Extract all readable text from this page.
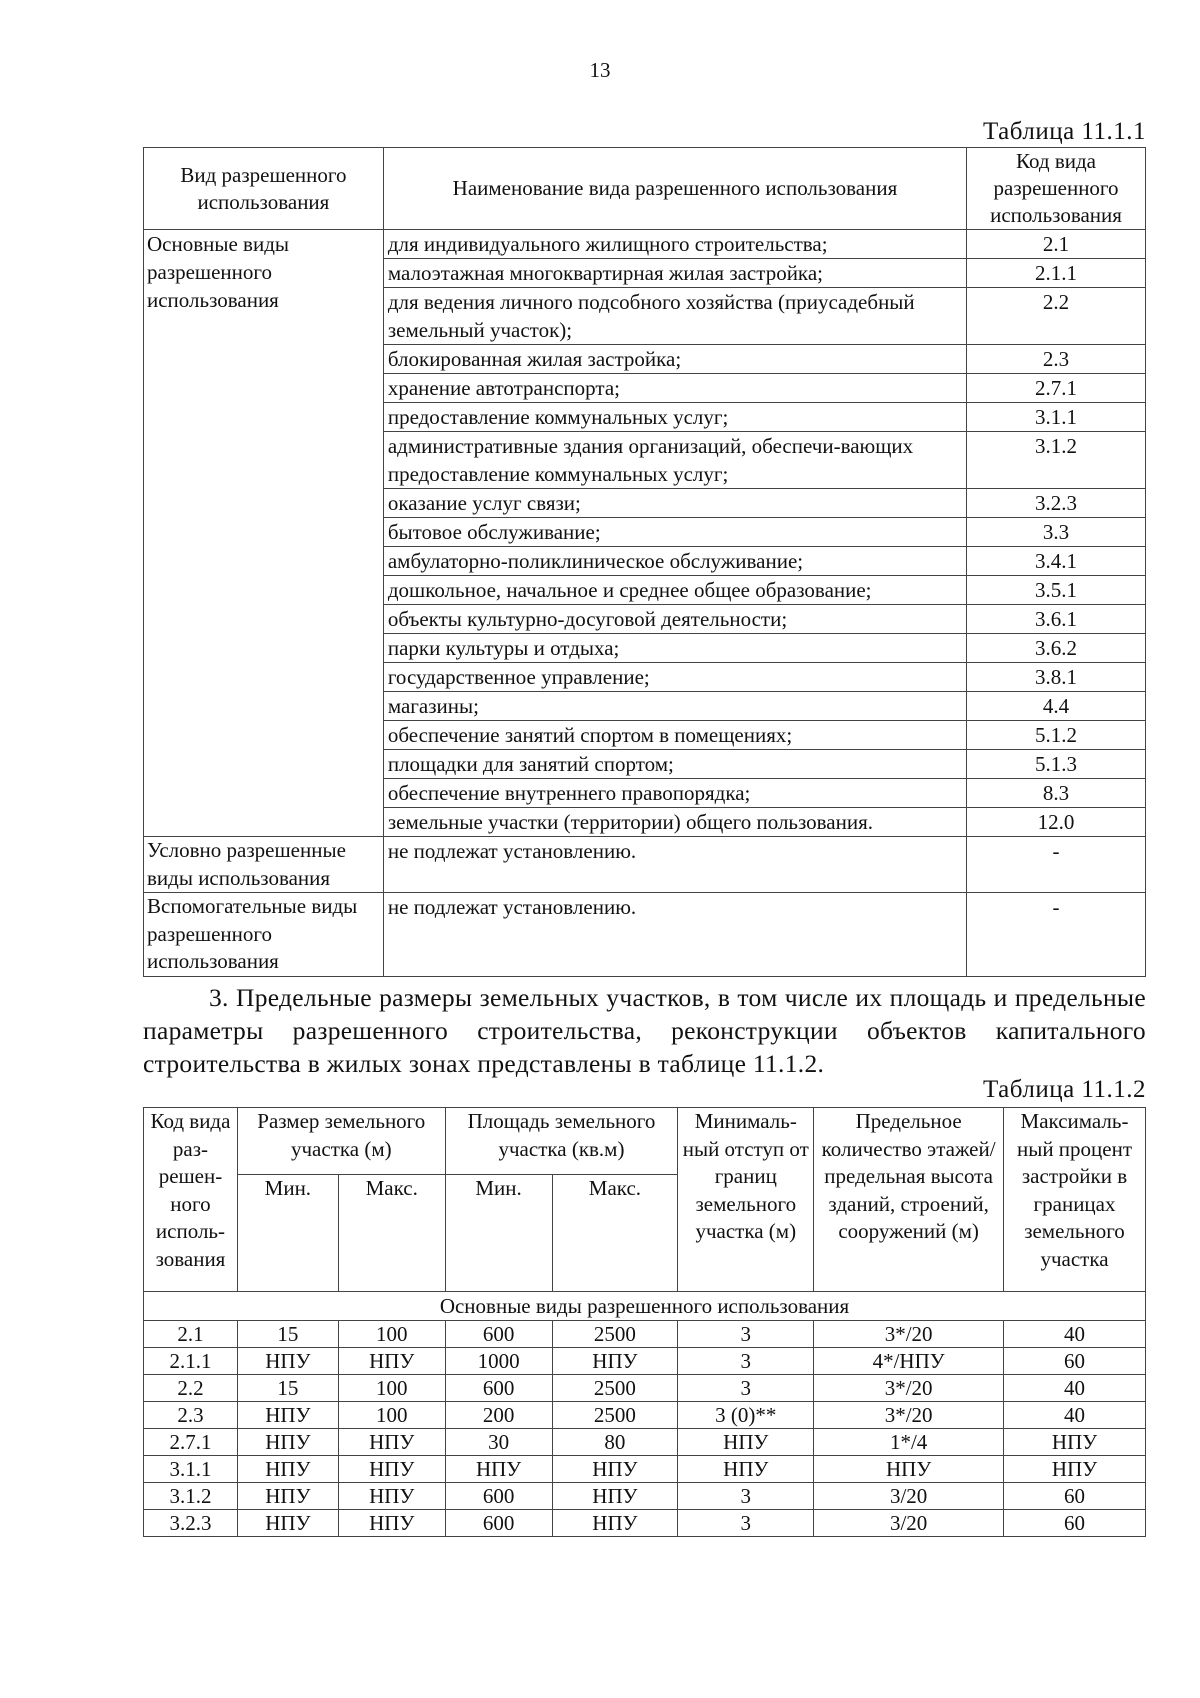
13
Таблица 11.1.1
Вид разрешенного использования	Наименование вида разрешенного использования	Код вида разрешенного использования
Основные виды разрешенного использования	для индивидуального жилищного строительства;	2.1
	малоэтажная многоквартирная жилая застройка;	2.1.1
	для ведения личного подсобного хозяйства (приусадебный земельный участок);	2.2
	блокированная жилая застройка;	2.3
	хранение автотранспорта;	2.7.1
	предоставление коммунальных услуг;	3.1.1
	административные здания организаций, обеспечи-вающих предоставление коммунальных услуг;	3.1.2
	оказание услуг связи;	3.2.3
	бытовое обслуживание;	3.3
	амбулаторно-поликлиническое обслуживание;	3.4.1
	дошкольное, начальное и среднее общее образование;	3.5.1
	объекты культурно-досуговой деятельности;	3.6.1
	парки культуры и отдыха;	3.6.2
	государственное управление;	3.8.1
	магазины;	4.4
	обеспечение занятий спортом в помещениях;	5.1.2
	площадки для занятий спортом;	5.1.3
	обеспечение внутреннего правопорядка;	8.3
	земельные участки (территории) общего пользования.	12.0
Условно разрешенные виды использования	не подлежат установлению.	-
Вспомогательные виды разрешенного использования	не подлежат установлению.	-
3. Предельные размеры земельных участков, в том числе их площадь и предельные параметры разрешенного строительства, реконструкции объектов капитального строительства в жилых зонах представлены в таблице 11.1.2.
Таблица 11.1.2
Код вида раз-решен-ного исполь-зования	Размер земельного участка (м)		Площадь земельного участка (кв.м)		Минималь-ный отступ от границ земельного участка (м)	Предельное количество этажей/ предельная высота зданий, строений, сооружений (м)	Максималь-ный процент застройки в границах земельного участка
	Мин.	Макс.	Мин.	Макс.			
Основные виды разрешенного использования							
2.1	15	100	600	2500	3	3*/20	40
2.1.1	НПУ	НПУ	1000	НПУ	3	4*/НПУ	60
2.2	15	100	600	2500	3	3*/20	40
2.3	НПУ	100	200	2500	3 (0)**	3*/20	40
2.7.1	НПУ	НПУ	30	80	НПУ	1*/4	НПУ
3.1.1	НПУ	НПУ	НПУ	НПУ	НПУ	НПУ	НПУ
3.1.2	НПУ	НПУ	600	НПУ	3	3/20	60
3.2.3	НПУ	НПУ	600	НПУ	3	3/20	60
